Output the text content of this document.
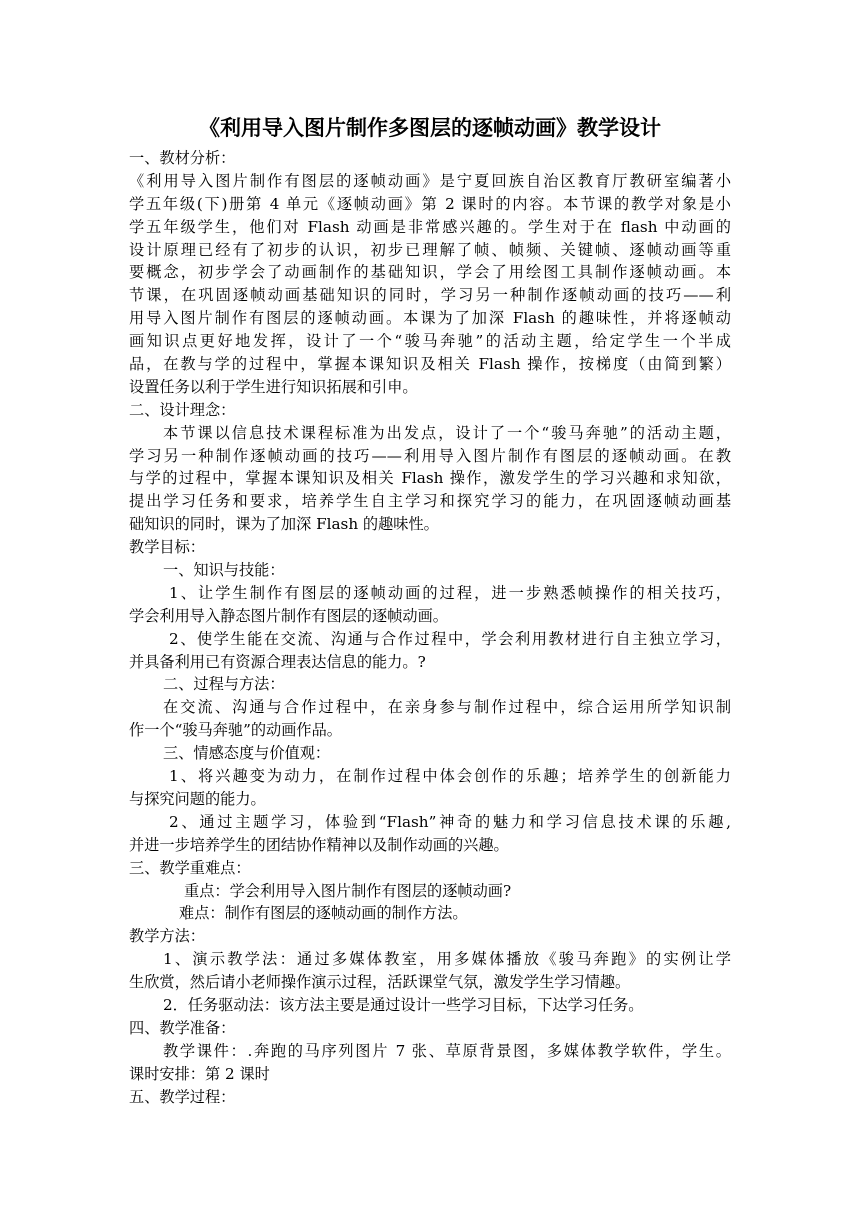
《利用导入图片制作多图层的逐帧动画》教学设计
一、教材分析：
《利用导入图片制作有图层的逐帧动画》是宁夏回族自治区教育厅教研室编著小
学五年级(下)册第 4 单元《逐帧动画》第 2 课时的内容。本节课的教学对象是小
学五年级学生，他们对 Flash 动画是非常感兴趣的。学生对于在 flash 中动画的
设计原理已经有了初步的认识，初步已理解了帧、帧频、关键帧、逐帧动画等重
要概念，初步学会了动画制作的基础知识，学会了用绘图工具制作逐帧动画。本
节课，在巩固逐帧动画基础知识的同时，学习另一种制作逐帧动画的技巧——利
用导入图片制作有图层的逐帧动画。本课为了加深 Flash 的趣味性，并将逐帧动
画知识点更好地发挥，设计了一个“骏马奔驰”的活动主题，给定学生一个半成
品，在教与学的过程中，掌握本课知识及相关 Flash 操作，按梯度（由简到繁）
设置任务以利于学生进行知识拓展和引申。
二、设计理念：
本节课以信息技术课程标准为出发点，设计了一个“骏马奔驰”的活动主题，
学习另一种制作逐帧动画的技巧——利用导入图片制作有图层的逐帧动画。在教
与学的过程中，掌握本课知识及相关 Flash 操作，激发学生的学习兴趣和求知欲，
提出学习任务和要求，培养学生自主学习和探究学习的能力，在巩固逐帧动画基
础知识的同时，课为了加深 Flash 的趣味性。
教学目标：
一、知识与技能：
1、让学生制作有图层的逐帧动画的过程，进一步熟悉帧操作的相关技巧，
学会利用导入静态图片制作有图层的逐帧动画。
2、使学生能在交流、沟通与合作过程中，学会利用教材进行自主独立学习，
并具备利用已有资源合理表达信息的能力。?
二、过程与方法：
在交流、沟通与合作过程中，在亲身参与制作过程中，综合运用所学知识制
作一个“骏马奔驰”的动画作品。
三、情感态度与价值观：
1、将兴趣变为动力，在制作过程中体会创作的乐趣；培养学生的创新能力
与探究问题的能力。
2、通过主题学习，体验到“Flash”神奇的魅力和学习信息技术课的乐趣,
并进一步培养学生的团结协作精神以及制作动画的兴趣。
三、教学重难点：
重点：学会利用导入图片制作有图层的逐帧动画?
难点：制作有图层的逐帧动画的制作方法。
教学方法：
1、演示教学法：通过多媒体教室，用多媒体播放《骏马奔跑》的实例让学
生欣赏，然后请小老师操作演示过程，活跃课堂气氛，激发学生学习情趣。
2．任务驱动法：该方法主要是通过设计一些学习目标，下达学习任务。
四、教学准备：
教学课件：.奔跑的马序列图片 7 张、草原背景图，多媒体教学软件，学生。
课时安排：第 2 课时
五、教学过程：
